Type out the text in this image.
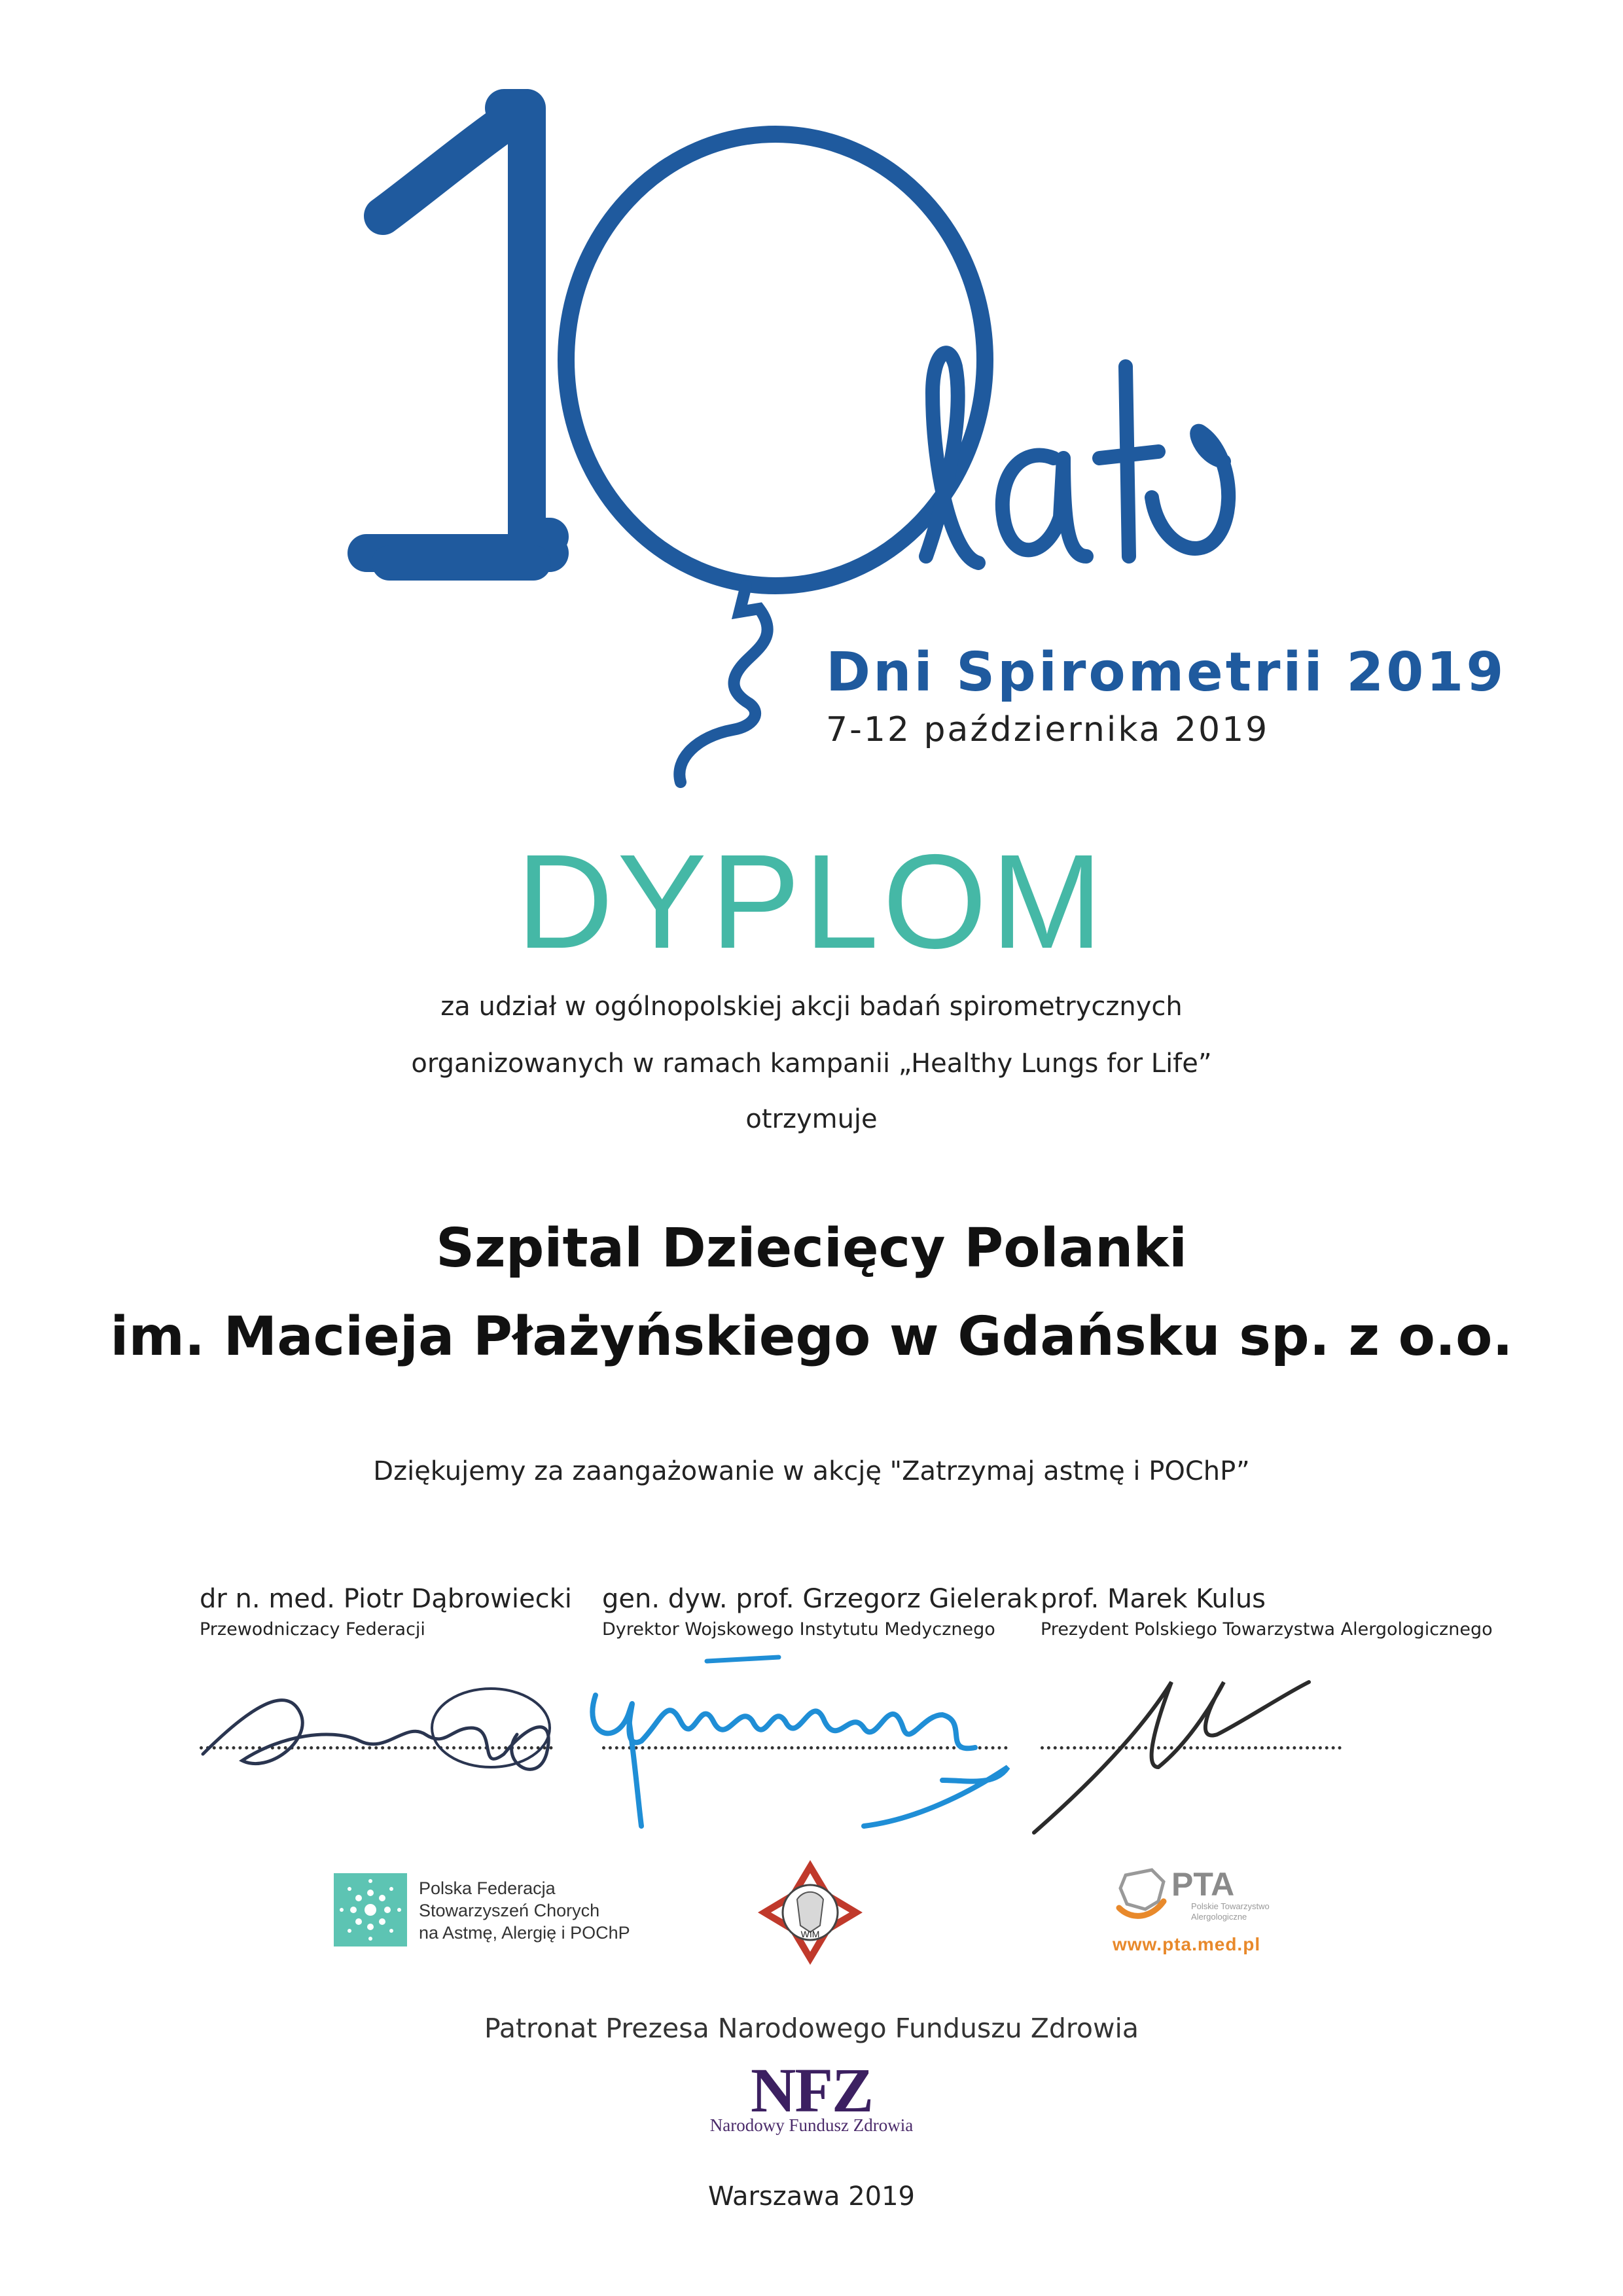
lat
1
Dni Spirometrii 2019
7-12 października 2019
DYPLOM
za udział w ogólnopolskiej akcji badań spirometrycznych
organizowanych w ramach kampanii „Healthy Lungs for Life”
otrzymuje
Szpital Dziecięcy Polanki
im. Macieja Płażyńskiego w Gdańsku sp. z o.o.
Dziękujemy za zaangażowanie w akcję "Zatrzymaj astmę i POChP”
dr n. med. Piotr Dąbrowiecki
Przewodniczacy Federacji
gen. dyw. prof. Grzegorz Gielerak
Dyrektor Wojskowego Instytutu Medycznego
prof. Marek Kulus
Prezydent Polskiego Towarzystwa Alergologicznego
Polska Federacja
Stowarzyszeń Chorych
na Astmę, Alergię i POChP	WIM
PTA
Polskie Towarzystwo
Alergologiczne
www.pta.med.pl
Patronat Prezesa Narodowego Funduszu Zdrowia
NFZ
Narodowy Fundusz Zdrowia
Warszawa 2019
